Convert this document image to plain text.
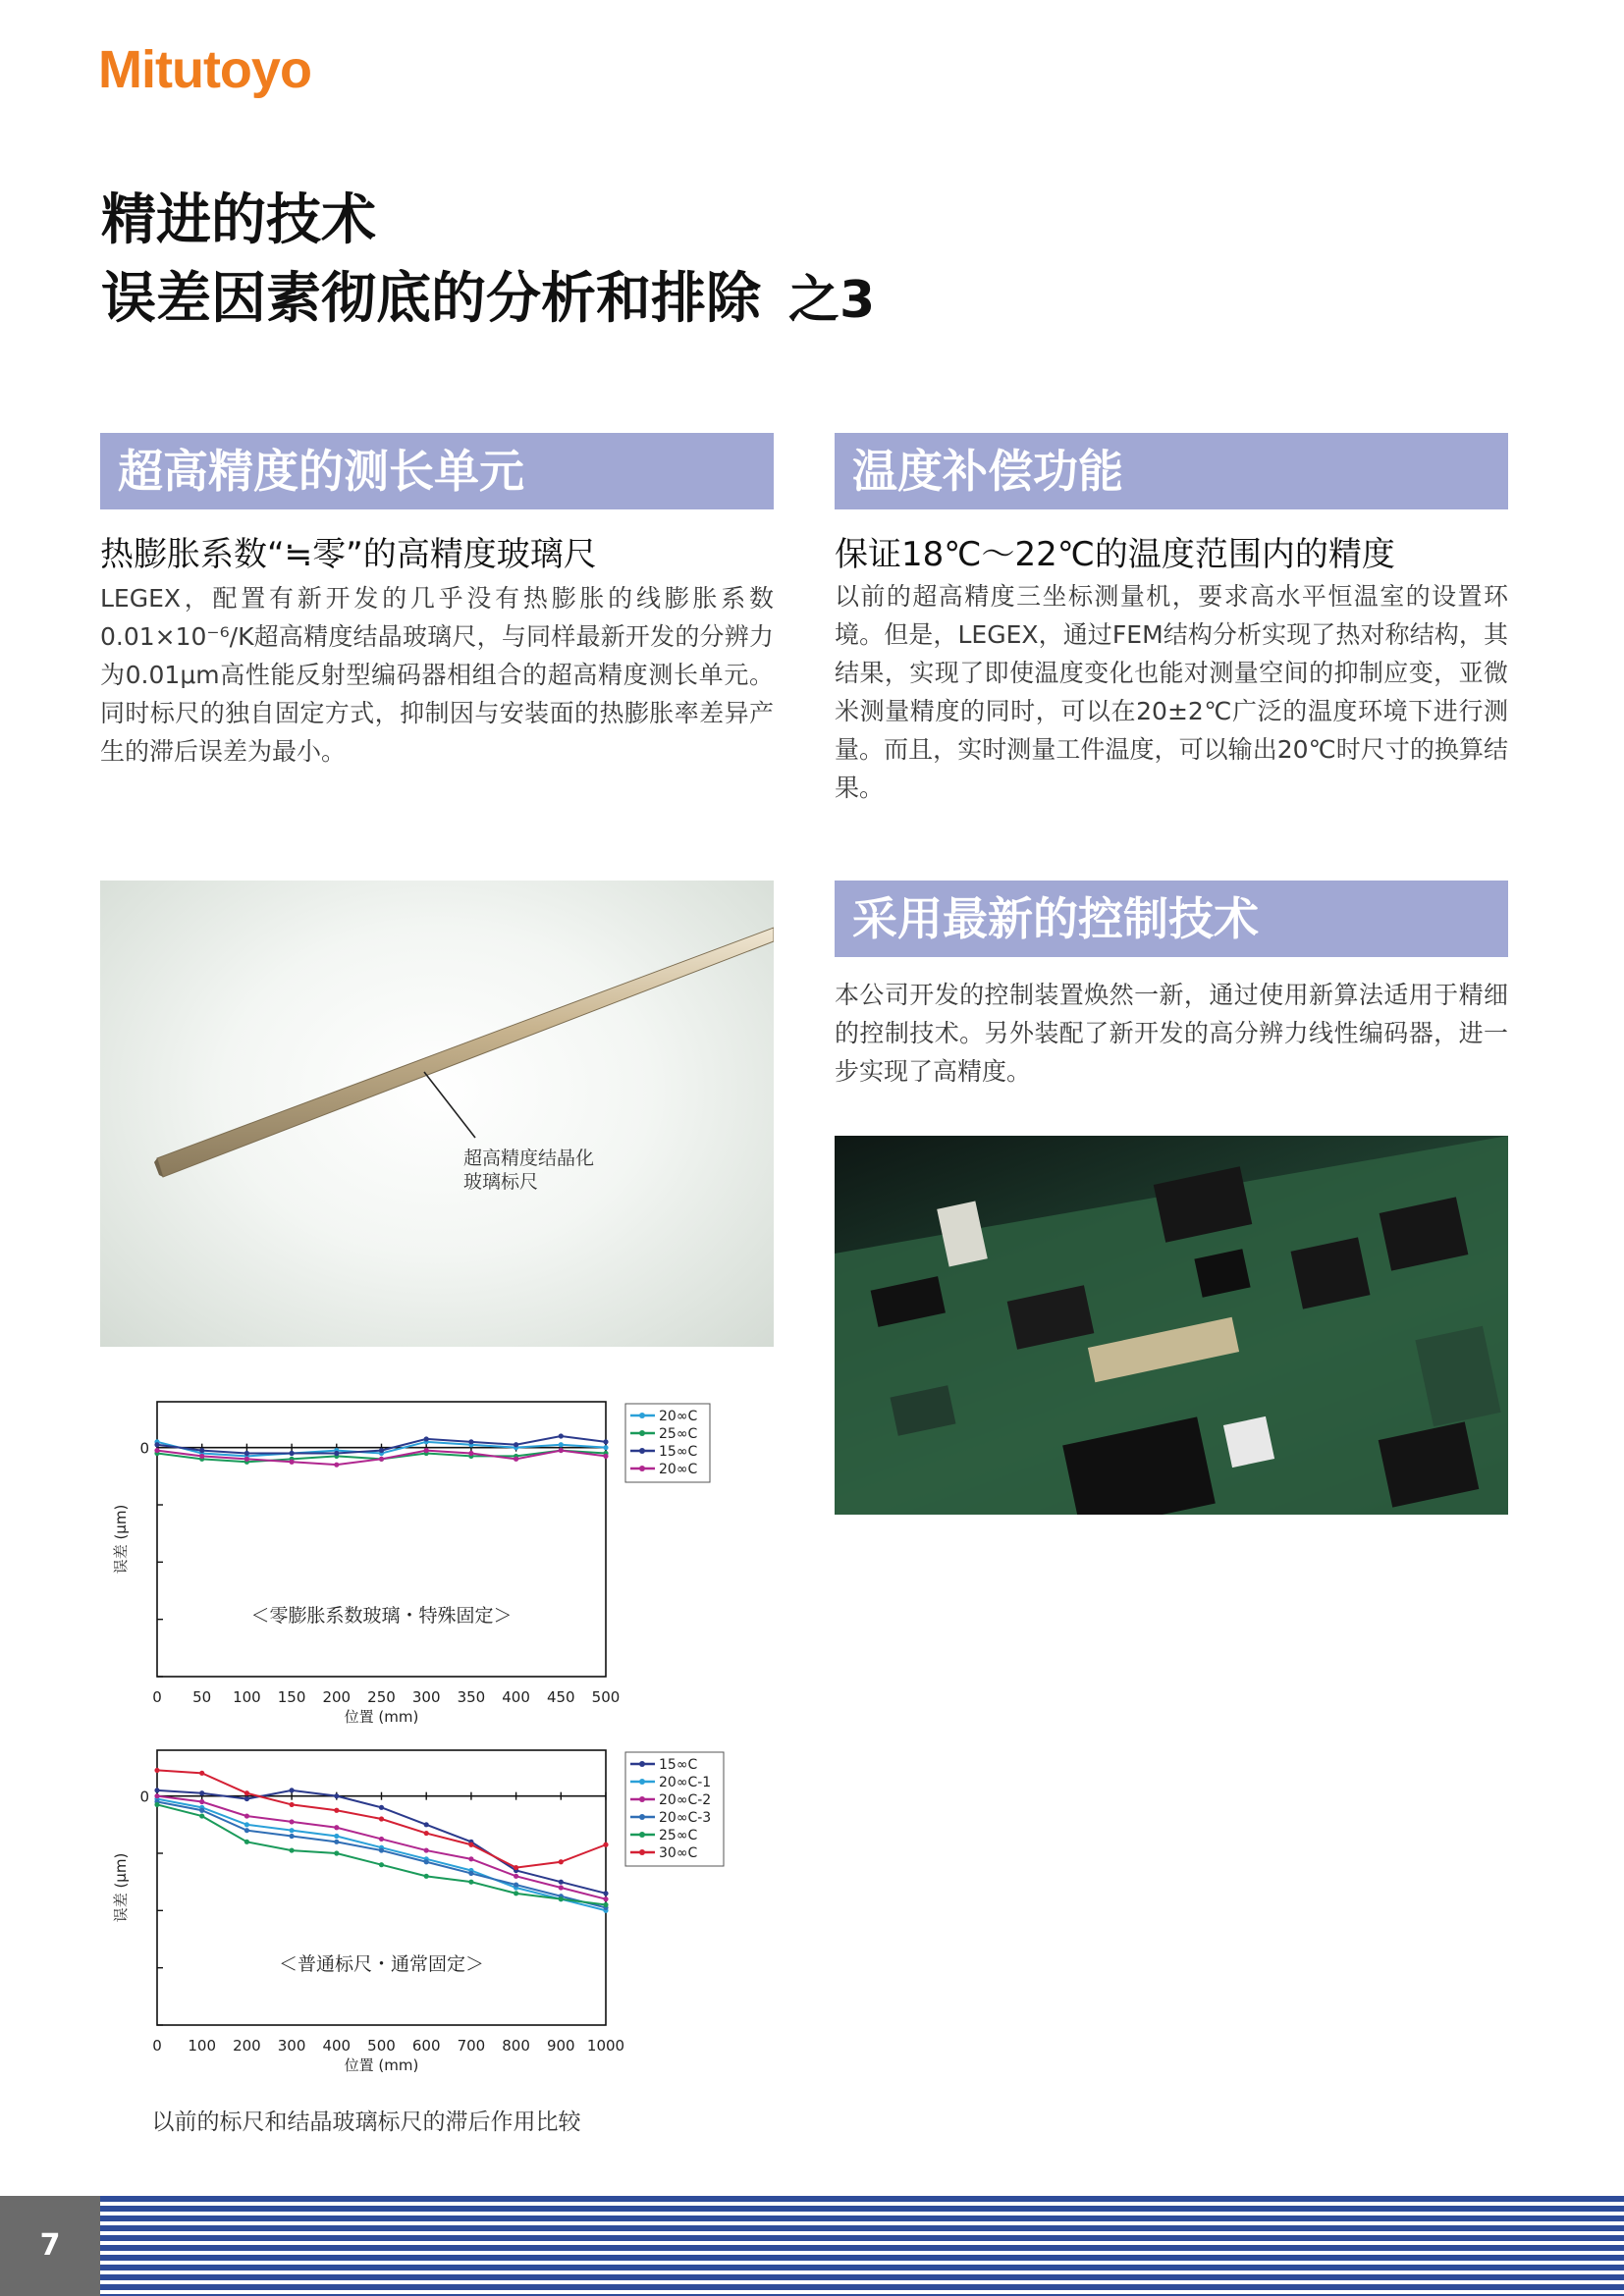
Mitutoyo
精进的技术
误差因素彻底的分析和排除 之3
超高精度的测长单元
热膨胀系数“≒零”的高精度玻璃尺
LEGEX，配置有新开发的几乎没有热膨胀的线膨胀系数0.01×10⁻⁶/K超高精度结晶玻璃尺，与同样最新开发的分辨力为0.01μm高性能反射型编码器相组合的超高精度测长单元。同时标尺的独自固定方式，抑制因与安装面的热膨胀率差异产生的滞后误差为最小。
超高精度结晶化
玻璃标尺
0
0 50 100 150 200 250 300 350 400 450 500
位置 (mm)
误差 (μm)
＜零膨胀系数玻璃・特殊固定＞
20∞C
25∞C
15∞C
20∞C
0
0 100 200 300 400 500 600 700 800 900 1000
位置 (mm)
误差 (μm)
＜普通标尺・通常固定＞
15∞C
20∞C-1
20∞C-2
20∞C-3
25∞C
30∞C
以前的标尺和结晶玻璃标尺的滞后作用比较
温度补偿功能
保证18℃～22℃的温度范围内的精度
以前的超高精度三坐标测量机，要求高水平恒温室的设置环境。但是，LEGEX，通过FEM结构分析实现了热对称结构，其结果，实现了即使温度变化也能对测量空间的抑制应变，亚微米测量精度的同时，可以在20±2℃广泛的温度环境下进行测量。而且，实时测量工件温度，可以输出20℃时尺寸的换算结果。
采用最新的控制技术
本公司开发的控制装置焕然一新，通过使用新算法适用于精细的控制技术。另外装配了新开发的高分辨力线性编码器，进一步实现了高精度。
7
